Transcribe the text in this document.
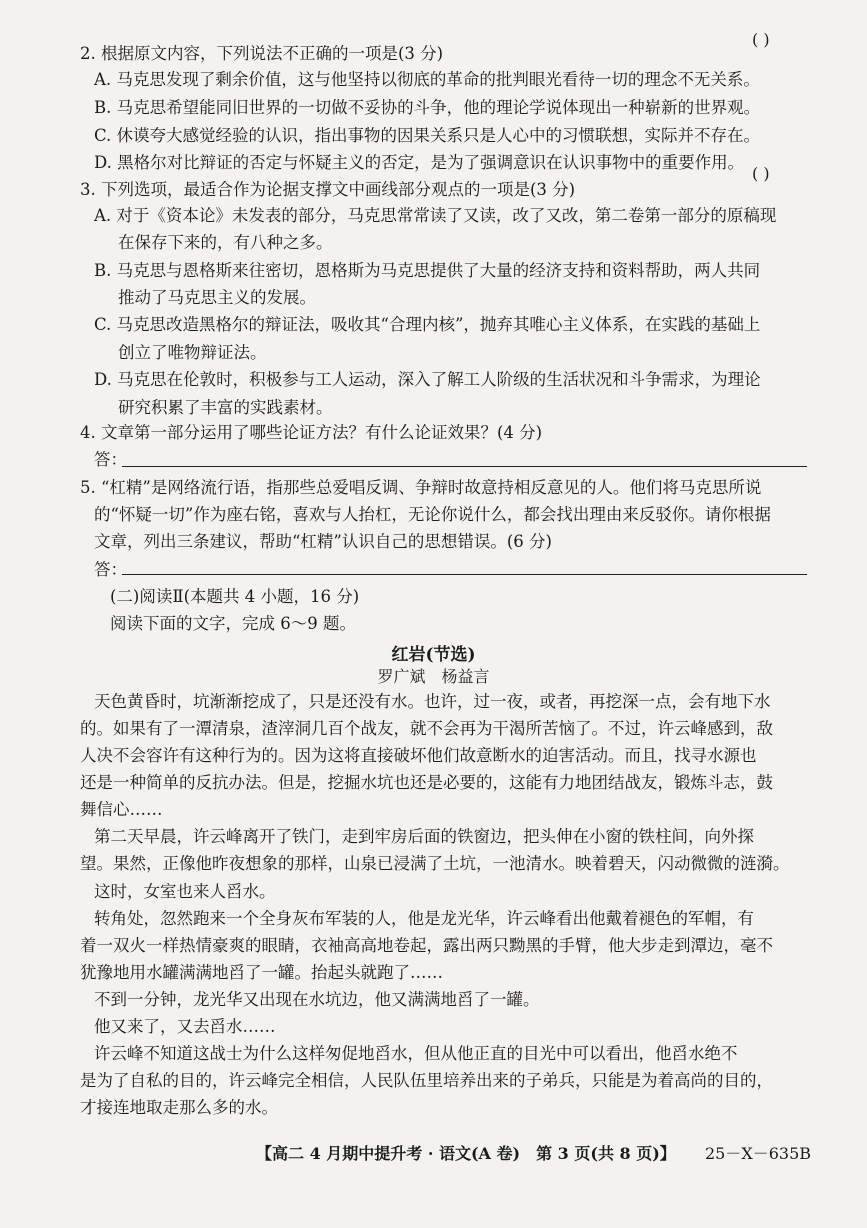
2. 根据原文内容，下列说法不正确的一项是(3 分)
( )
A. 马克思发现了剩余价值，这与他坚持以彻底的革命的批判眼光看待一切的理念不无关系。
B. 马克思希望能同旧世界的一切做不妥协的斗争，他的理论学说体现出一种崭新的世界观。
C. 休谟夸大感觉经验的认识，指出事物的因果关系只是人心中的习惯联想，实际并不存在。
D. 黑格尔对比辩证的否定与怀疑主义的否定，是为了强调意识在认识事物中的重要作用。
3. 下列选项，最适合作为论据支撑文中画线部分观点的一项是(3 分)
( )
A. 对于《资本论》未发表的部分，马克思常常读了又读，改了又改，第二卷第一部分的原稿现
在保存下来的，有八种之多。
B. 马克思与恩格斯来往密切，恩格斯为马克思提供了大量的经济支持和资料帮助，两人共同
推动了马克思主义的发展。
C. 马克思改造黑格尔的辩证法，吸收其“合理内核”，抛弃其唯心主义体系，在实践的基础上
创立了唯物辩证法。
D. 马克思在伦敦时，积极参与工人运动，深入了解工人阶级的生活状况和斗争需求，为理论
研究积累了丰富的实践素材。
4. 文章第一部分运用了哪些论证方法？有什么论证效果？(4 分)
答：
5. “杠精”是网络流行语，指那些总爱唱反调、争辩时故意持相反意见的人。他们将马克思所说
的“怀疑一切”作为座右铭，喜欢与人抬杠，无论你说什么，都会找出理由来反驳你。请你根据
文章，列出三条建议，帮助“杠精”认识自己的思想错误。(6 分)
答：
(二)阅读Ⅱ(本题共 4 小题，16 分)
阅读下面的文字，完成 6～9 题。
红岩(节选)
罗广斌　杨益言
天色黄昏时，坑渐渐挖成了，只是还没有水。也许，过一夜，或者，再挖深一点，会有地下水
的。如果有了一潭清泉，渣滓洞几百个战友，就不会再为干渴所苦恼了。不过，许云峰感到，敌
人决不会容许有这种行为的。因为这将直接破坏他们故意断水的迫害活动。而且，找寻水源也
还是一种简单的反抗办法。但是，挖掘水坑也还是必要的，这能有力地团结战友，锻炼斗志，鼓
舞信心……
第二天早晨，许云峰离开了铁门，走到牢房后面的铁窗边，把头伸在小窗的铁柱间，向外探
望。果然，正像他昨夜想象的那样，山泉已浸满了土坑，一池清水。映着碧天，闪动微微的涟漪。
这时，女室也来人舀水。
转角处，忽然跑来一个全身灰布军装的人，他是龙光华，许云峰看出他戴着褪色的军帽，有
着一双火一样热情豪爽的眼睛，衣袖高高地卷起，露出两只黝黑的手臂，他大步走到潭边，毫不
犹豫地用水罐满满地舀了一罐。抬起头就跑了……
不到一分钟，龙光华又出现在水坑边，他又满满地舀了一罐。
他又来了，又去舀水……
许云峰不知道这战士为什么这样匆促地舀水，但从他正直的目光中可以看出，他舀水绝不
是为了自私的目的，许云峰完全相信，人民队伍里培养出来的子弟兵，只能是为着高尚的目的，
才接连地取走那么多的水。
【高二 4 月期中提升考 · 语文(A 卷)　第 3 页(共 8 页)】 25－X－635B
